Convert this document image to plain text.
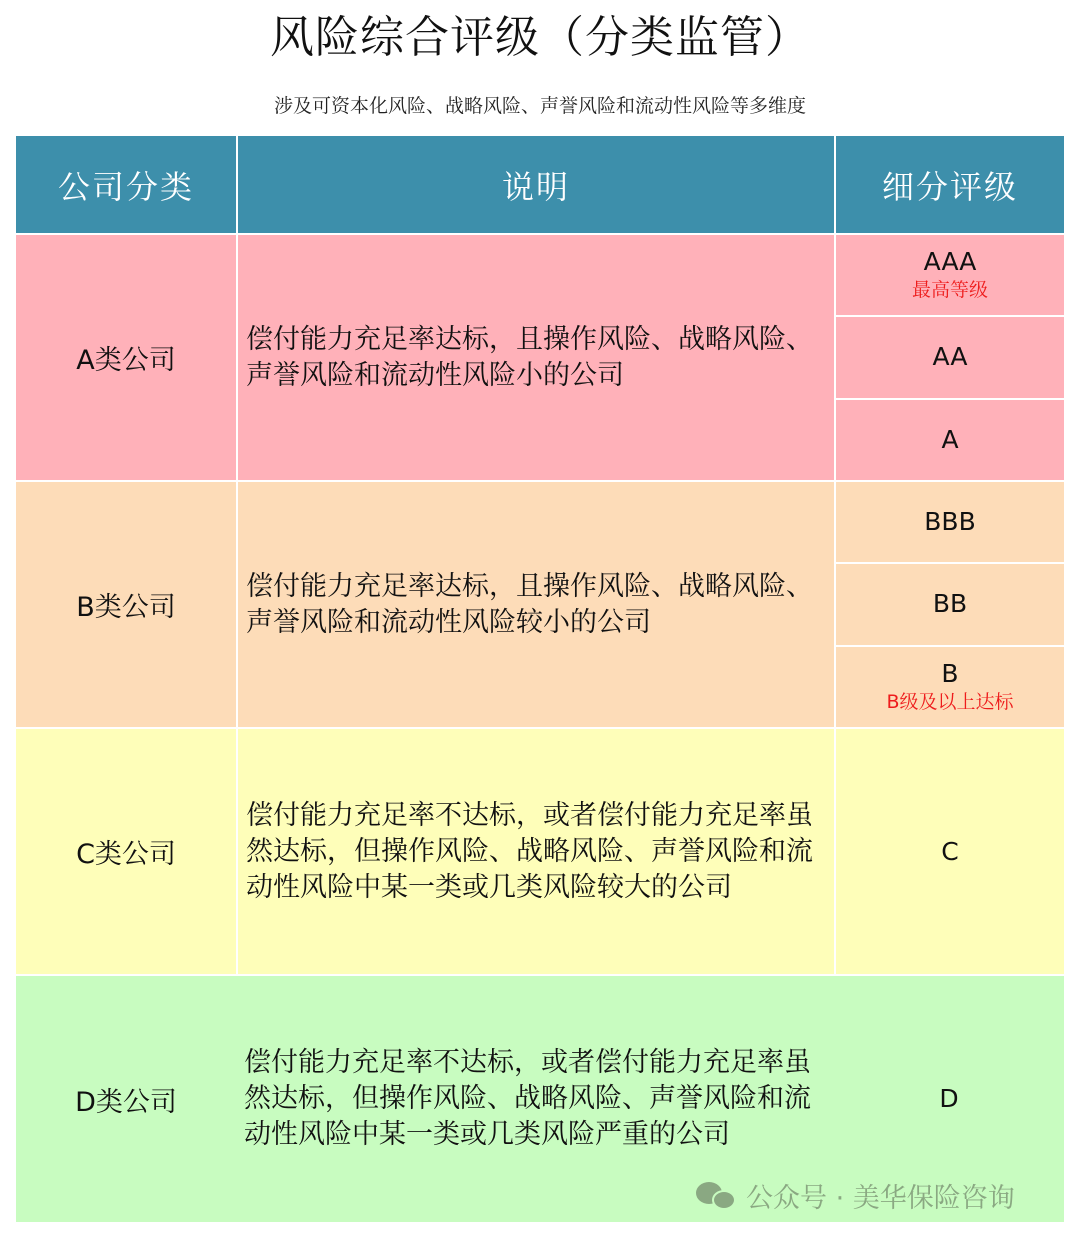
风险综合评级（分类监管）
涉及可资本化风险、战略风险、声誉风险和流动性风险等多维度
公司分类	说明	细分评级
A类公司
偿付能力充足率达标，且操作风险、战略风险、声誉风险和流动性风险小的公司
AAA
最高等级
AA
A
B类公司
偿付能力充足率达标，且操作风险、战略风险、声誉风险和流动性风险较小的公司
BBB
BB
B
B级及以上达标
C类公司
偿付能力充足率不达标，或者偿付能力充足率虽然达标，但操作风险、战略风险、声誉风险和流动性风险中某一类或几类风险较大的公司
C
D类公司
偿付能力充足率不达标，或者偿付能力充足率虽然达标，但操作风险、战略风险、声誉风险和流动性风险中某一类或几类风险严重的公司
D
公众号 · 美华保险咨询
